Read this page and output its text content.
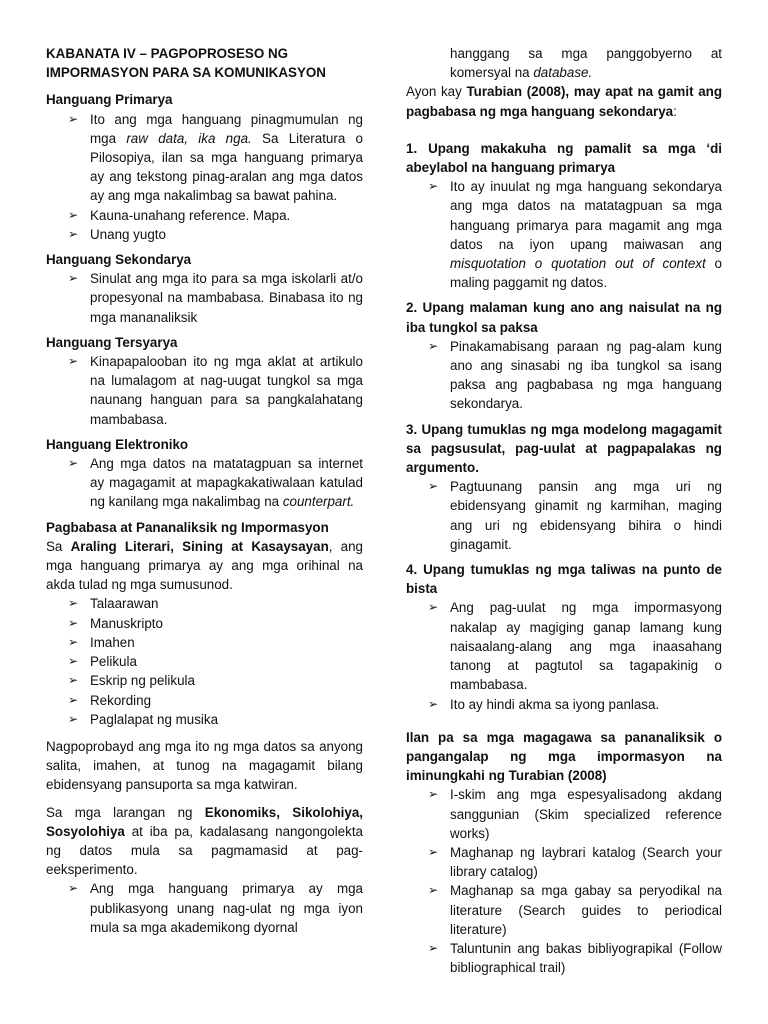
KABANATA IV – PAGPOPROSESO NG IMPORMASYON PARA SA KOMUNIKASYON

Hanguang Primarya

➢ Ito ang mga hanguang pinagmumulan ng mga raw data, ika nga. Sa Literatura o Pilosopiya, ilan sa mga hanguang primarya ay ang tekstong pinag-aralan ang mga datos ay ang mga nakalimbag sa bawat pahina.
➢ Kauna-unahang reference. Mapa.
➢ Unang yugto

Hanguang Sekondarya

➢ Sinulat ang mga ito para sa mga iskolarli at/o propesyonal na mambabasa. Binabasa ito ng mga mananaliksik

Hanguang Tersyarya

➢ Kinapapalooban ito ng mga aklat at artikulo na lumalagom at nag-uugat tungkol sa mga naunang hanguan para sa pangkalahatang mambabasa.

Hanguang Elektroniko

➢ Ang mga datos na matatagpuan sa internet ay magagamit at mapagkakatiwalaan katulad ng kanilang mga nakalimbag na counterpart.

Pagbabasa at Pananaliksik ng Impormasyon

Sa Araling Literari, Sining at Kasaysayan, ang mga hanguang primarya ay ang mga orihinal na akda tulad ng mga sumusunod.

➢ Talaarawan
➢ Manuskripto
➢ Imahen
➢ Pelikula
➢ Eskrip ng pelikula
➢ Rekording
➢ Paglalapat ng musika

Nagpoprobayd ang mga ito ng mga datos sa anyong salita, imahen, at tunog na magagamit bilang ebidensyang pansuporta sa mga katwiran.

Sa mga larangan ng Ekonomiks, Sikolohiya, Sosyolohiya at iba pa, kadalasang nangongolekta ng datos mula sa pagmamasid at pag-eeksperimento.

➢ Ang mga hanguang primarya ay mga publikasyong unang nag-ulat ng mga iyon mula sa mga akademikong dyornal

hanggang sa mga panggobyerno at komersyal na database.

Ayon kay Turabian (2008), may apat na gamit ang pagbabasa ng mga hanguang sekondarya:

1. Upang makakuha ng pamalit sa mga ‘di abeylabol na hanguang primarya

➢ Ito ay inuulat ng mga hanguang sekondarya ang mga datos na matatagpuan sa mga hanguang primarya para magamit ang mga datos na iyon upang maiwasan ang misquotation o quotation out of context o maling paggamit ng datos.

2. Upang malaman kung ano ang naisulat na ng iba tungkol sa paksa

➢ Pinakamabisang paraan ng pag-alam kung ano ang sinasabi ng iba tungkol sa isang paksa ang pagbabasa ng mga hanguang sekondarya.

3. Upang tumuklas ng mga modelong magagamit sa pagsusulat, pag-uulat at pagpapalakas ng argumento.

➢ Pagtuunang pansin ang mga uri ng ebidensyang ginamit ng karmihan, maging ang uri ng ebidensyang bihira o hindi ginagamit.

4. Upang tumuklas ng mga taliwas na punto de bista

➢ Ang pag-uulat ng mga impormasyong nakalap ay magiging ganap lamang kung naisaalang-alang ang mga inaasahang tanong at pagtutol sa tagapakinig o mambabasa.
➢ Ito ay hindi akma sa iyong panlasa.

Ilan pa sa mga magagawa sa pananaliksik o pangangalap ng mga impormasyon na iminungkahi ng Turabian (2008)

➢ I-skim ang mga espesyalisadong akdang sanggunian (Skim specialized reference works)
➢ Maghanap ng laybrari katalog (Search your library catalog)
➢ Maghanap sa mga gabay sa peryodikal na literature (Search guides to periodical literature)
➢ Taluntunin ang bakas bibliyograpikal (Follow bibliographical trail)
